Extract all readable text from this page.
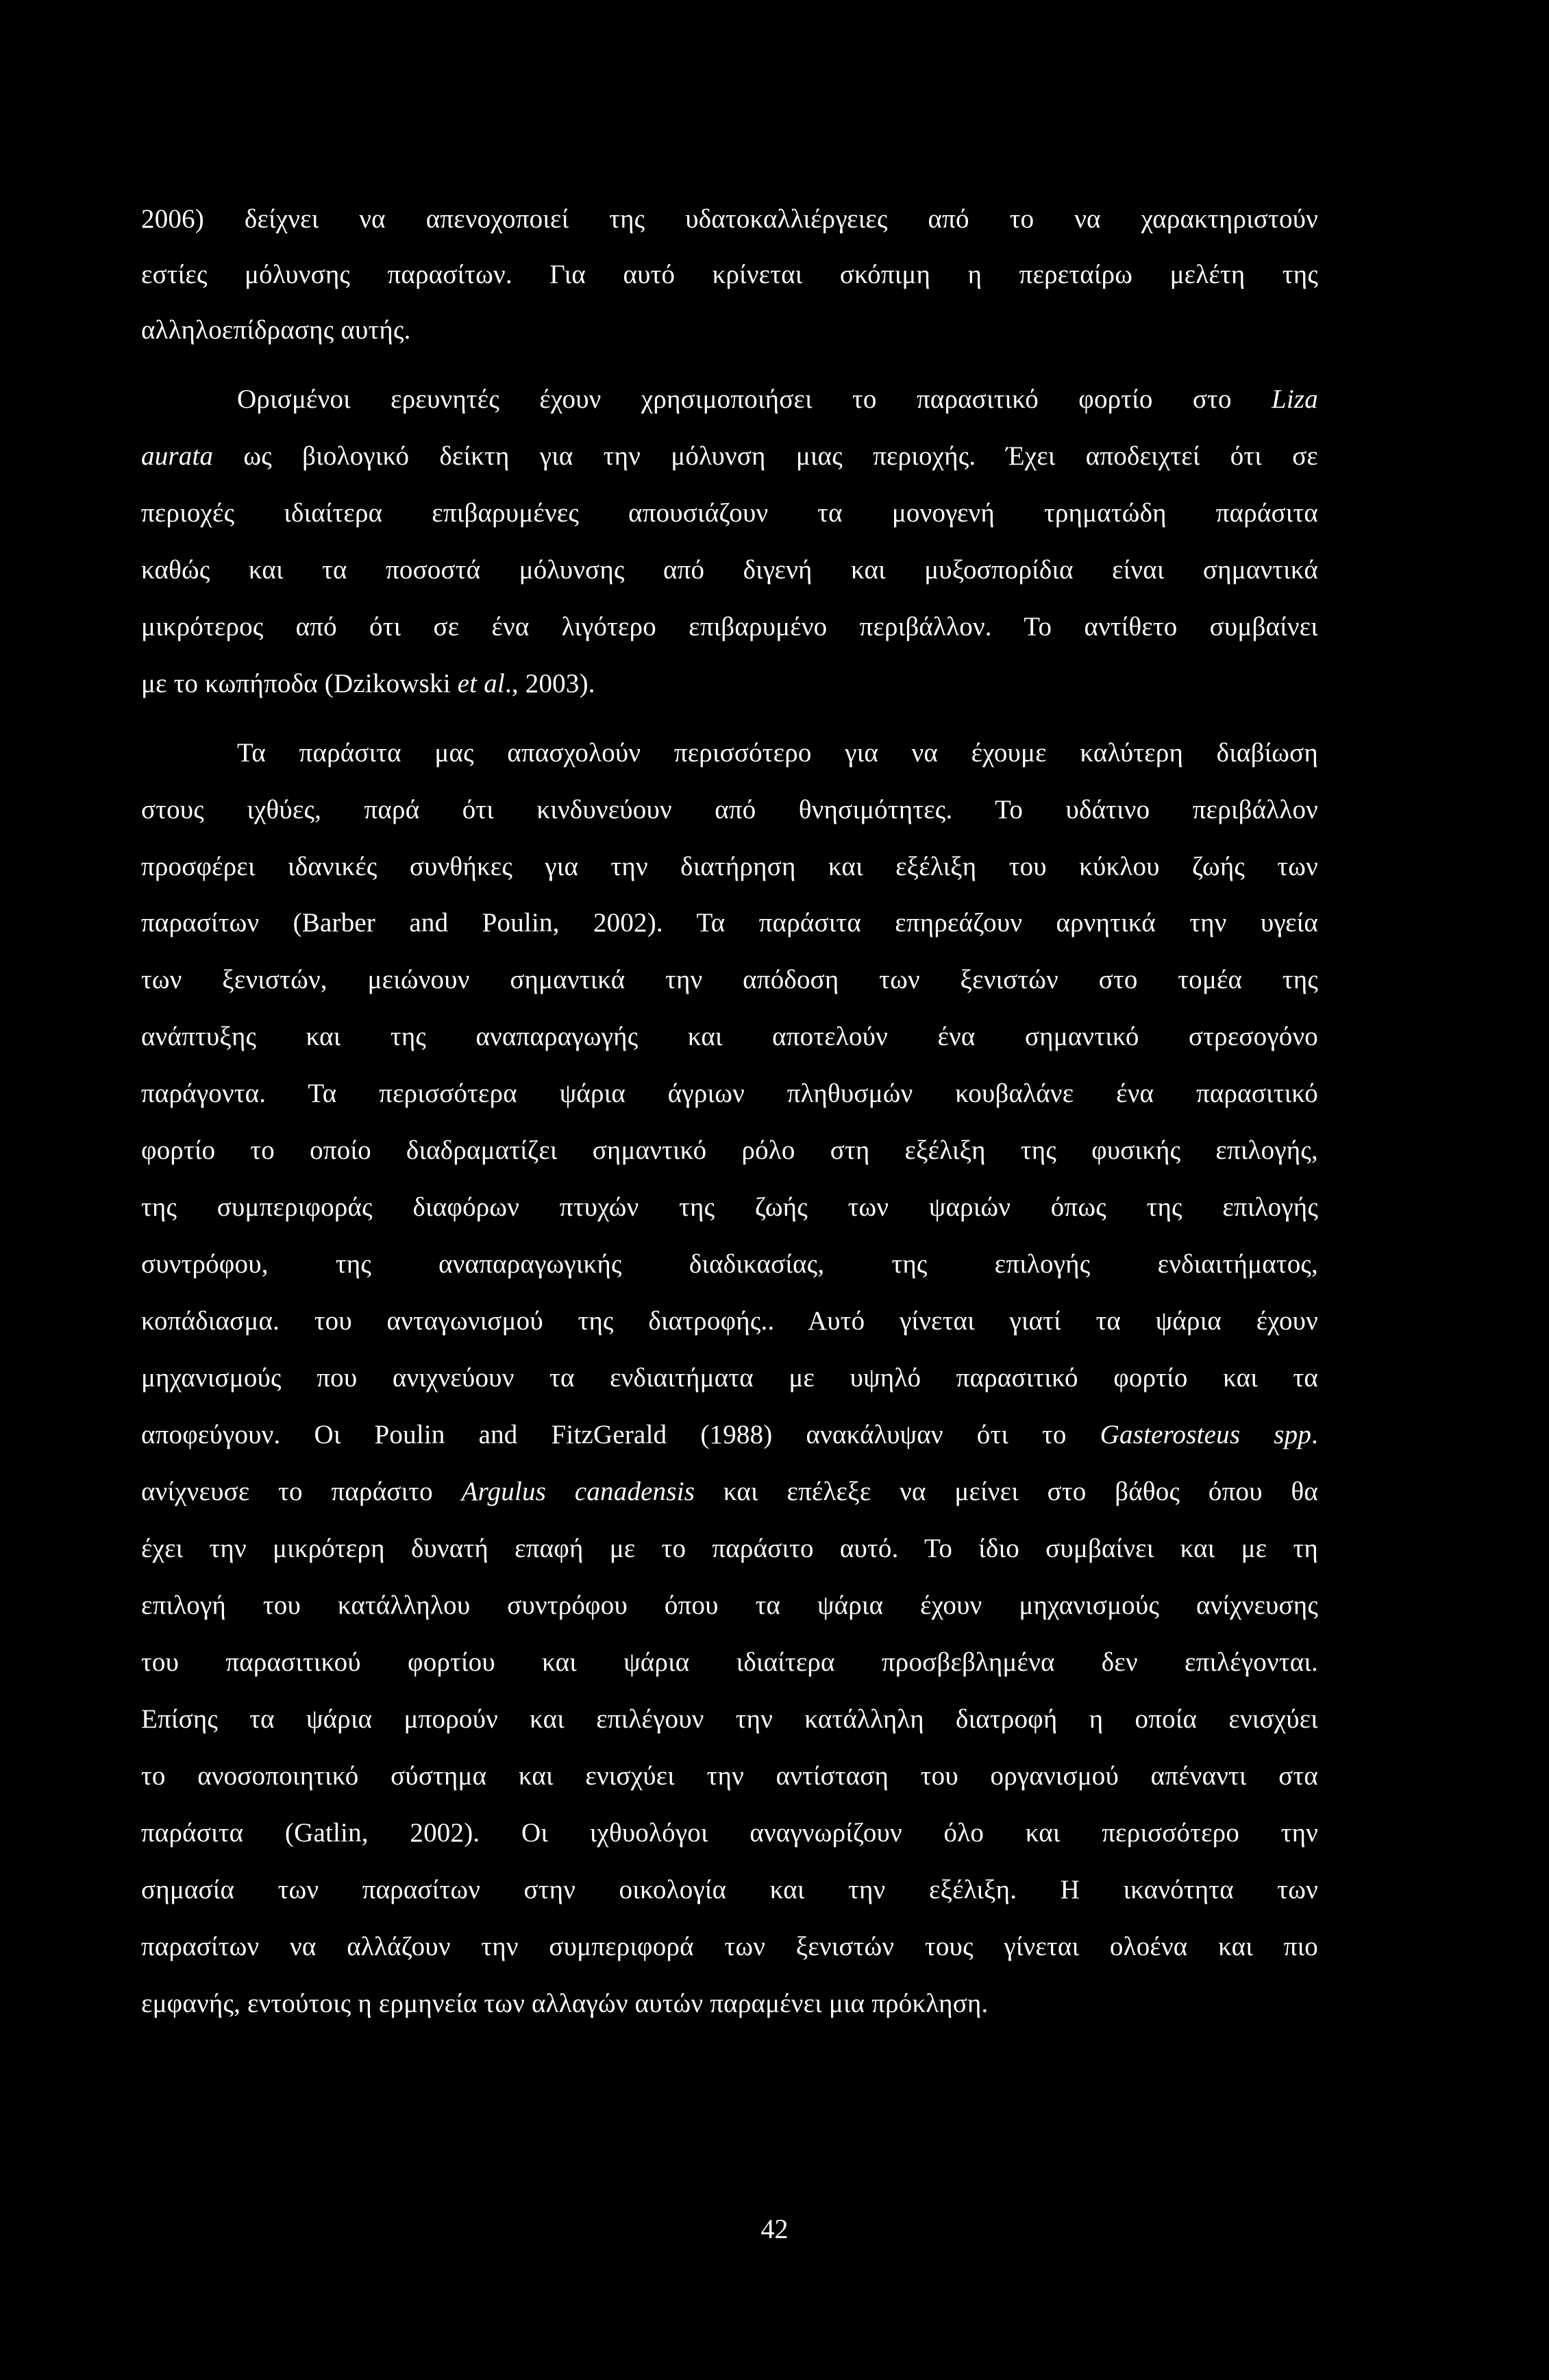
2006) δείχνει να απενοχοποιεί της υδατοκαλλιέργειες από το να χαρακτηριστούν
εστίες μόλυνσης παρασίτων. Για αυτό κρίνεται σκόπιμη η περεταίρω μελέτη της
αλληλοεπίδρασης αυτής.
Ορισμένοι ερευνητές έχουν χρησιμοποιήσει το παρασιτικό φορτίο στο Liza
aurata ως βιολογικό δείκτη για την μόλυνση μιας περιοχής. Έχει αποδειχτεί ότι σε
περιοχές ιδιαίτερα επιβαρυμένες απουσιάζουν τα μονογενή τρηματώδη παράσιτα
καθώς και τα ποσοστά μόλυνσης από διγενή και μυξοσπορίδια είναι σημαντικά
μικρότερος από ότι σε ένα λιγότερο επιβαρυμένο περιβάλλον. Το αντίθετο συμβαίνει
με το κωπήποδα (Dzikowski et al., 2003).
Τα παράσιτα μας απασχολούν περισσότερο για να έχουμε καλύτερη διαβίωση
στους ιχθύες, παρά ότι κινδυνεύουν από θνησιμότητες. Το υδάτινο περιβάλλον
προσφέρει ιδανικές συνθήκες για την διατήρηση και εξέλιξη του κύκλου ζωής των
παρασίτων (Barber and Poulin, 2002). Τα παράσιτα επηρεάζουν αρνητικά την υγεία
των ξενιστών, μειώνουν σημαντικά την απόδοση των ξενιστών στο τομέα της
ανάπτυξης και της αναπαραγωγής και αποτελούν ένα σημαντικό στρεσογόνο
παράγοντα. Τα περισσότερα ψάρια άγριων πληθυσμών κουβαλάνε ένα παρασιτικό
φορτίο το οποίο διαδραματίζει σημαντικό ρόλο στη εξέλιξη της φυσικής επιλογής,
της συμπεριφοράς διαφόρων πτυχών της ζωής των ψαριών όπως της επιλογής
συντρόφου, της αναπαραγωγικής διαδικασίας, της επιλογής ενδιαιτήματος,
κοπάδιασμα. του ανταγωνισμού της διατροφής.. Αυτό γίνεται γιατί τα ψάρια έχουν
μηχανισμούς που ανιχνεύουν τα ενδιαιτήματα με υψηλό παρασιτικό φορτίο και τα
αποφεύγουν. Οι Poulin and FitzGerald (1988) ανακάλυψαν ότι το Gasterosteus spp.
ανίχνευσε το παράσιτο Argulus canadensis και επέλεξε να μείνει στο βάθος όπου θα
έχει την μικρότερη δυνατή επαφή με το παράσιτο αυτό. Το ίδιο συμβαίνει και με τη
επιλογή του κατάλληλου συντρόφου όπου τα ψάρια έχουν μηχανισμούς ανίχνευσης
του παρασιτικού φορτίου και ψάρια ιδιαίτερα προσβεβλημένα δεν επιλέγονται.
Επίσης τα ψάρια μπορούν και επιλέγουν την κατάλληλη διατροφή η οποία ενισχύει
το ανοσοποιητικό σύστημα και ενισχύει την αντίσταση του οργανισμού απέναντι στα
παράσιτα (Gatlin, 2002). Οι ιχθυολόγοι αναγνωρίζουν όλο και περισσότερο την
σημασία των παρασίτων στην οικολογία και την εξέλιξη. Η ικανότητα των
παρασίτων να αλλάζουν την συμπεριφορά των ξενιστών τους γίνεται ολοένα και πιο
εμφανής, εντούτοις η ερμηνεία των αλλαγών αυτών παραμένει μια πρόκληση.
42
